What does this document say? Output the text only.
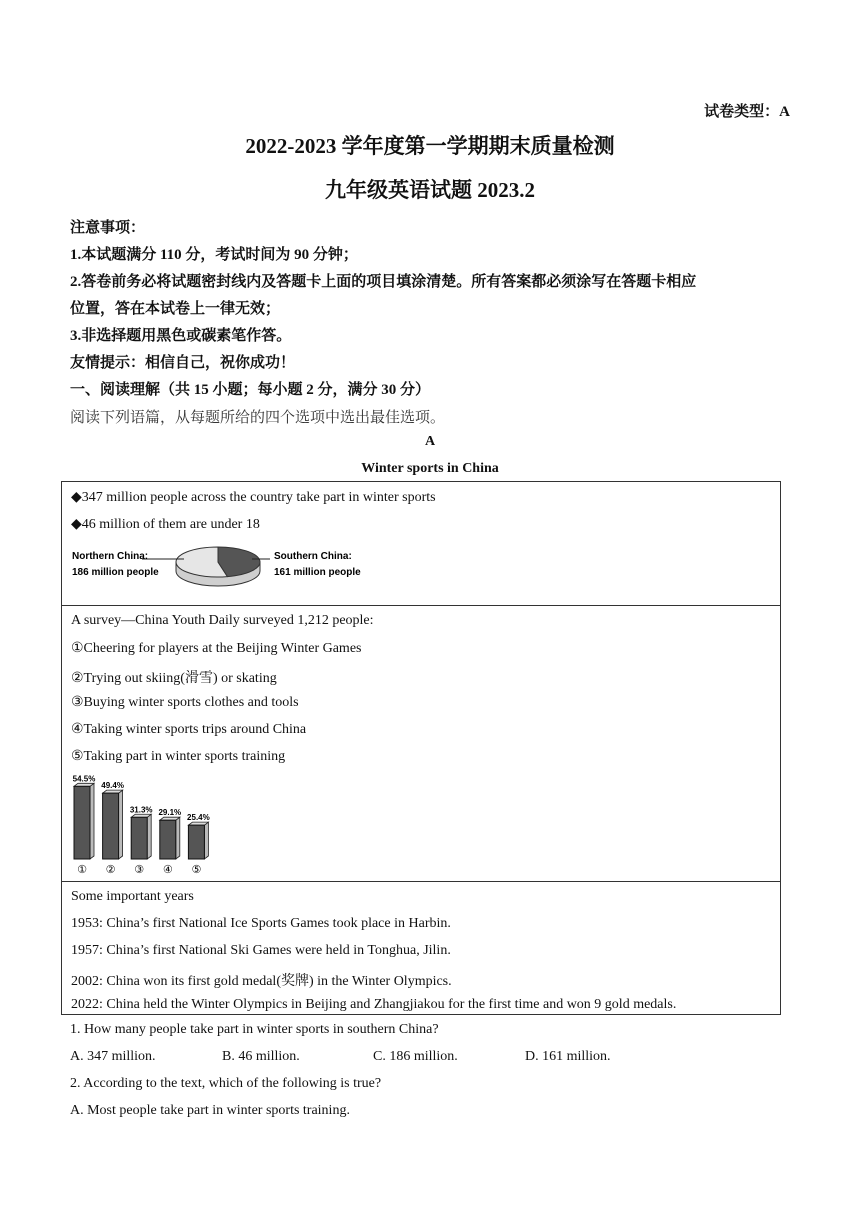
试卷类型：A
2022-2023 学年度第一学期期末质量检测
九年级英语试题 2023.2
注意事项：
1.本试题满分 110 分，考试时间为 90 分钟；
2.答卷前务必将试题密封线内及答题卡上面的项目填涂清楚。所有答案都必须涂写在答题卡相应
位置，答在本试卷上一律无效；
3.非选择题用黑色或碳素笔作答。
友情提示：相信自己，祝你成功！
一、阅读理解（共 15 小题；每小题 2 分，满分 30 分）
阅读下列语篇，从每题所给的四个选项中选出最佳选项。
A
Winter sports in China
◆347 million people across the country take part in winter sports
◆46 million of them are under 18
Northern China:
186 million people
Southern China:
161 million people
A survey—China Youth Daily surveyed 1,212 people:
①Cheering for players at the Beijing Winter Games
②Trying out skiing(滑雪) or skating
③Buying winter sports clothes and tools
④Taking winter sports trips around China
⑤Taking part in winter sports training
54.5%
①
49.4%
②
31.3%
③
29.1%
④
25.4%
⑤
Some important years
1953: China’s first National Ice Sports Games took place in Harbin.
1957: China’s first National Ski Games were held in Tonghua, Jilin.
2002: China won its first gold medal(奖牌) in the Winter Olympics.
2022: China held the Winter Olympics in Beijing and Zhangjiakou for the first time and won 9 gold medals.
1. How many people take part in winter sports in southern China?
A. 347 million.	B. 46 million.	C. 186 million.	D. 161 million.
2. According to the text, which of the following is true?
A. Most people take part in winter sports training.
